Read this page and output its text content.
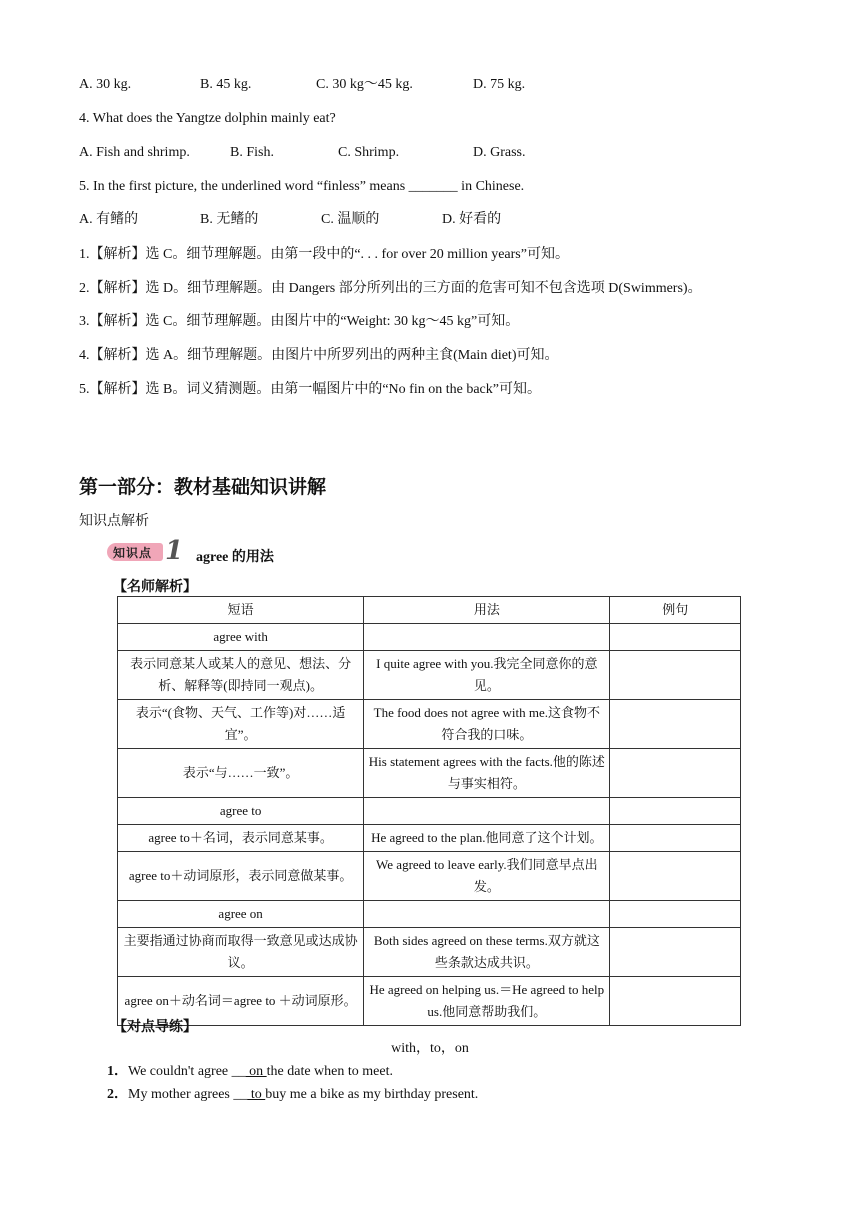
A. 30 kg.	B. 45 kg.	C. 30 kg～45 kg.	D. 75 kg.
4. What does the Yangtze dolphin mainly eat?
A. Fish and shrimp.	B. Fish.	C. Shrimp.	D. Grass.
5. In the first picture, the underlined word “finless” means _______ in Chinese.
A. 有鳍的	B. 无鳍的	C. 温顺的	D. 好看的
1.【解析】选 C。细节理解题。由第一段中的“. . . for over 20 million years”可知。
2.【解析】选 D。细节理解题。由 Dangers 部分所列出的三方面的危害可知不包含选项 D(Swimmers)。
3.【解析】选 C。细节理解题。由图片中的“Weight: 30 kg～45 kg”可知。
4.【解析】选 A。细节理解题。由图片中所罗列出的两种主食(Main diet)可知。
5.【解析】选 B。词义猜测题。由第一幅图片中的“No fin on the back”可知。
第一部分：教材基础知识讲解
知识点解析
知识点 1 agree 的用法
【名师解析】
短语	用法	例句
agree with		
表示同意某人或某人的意见、想法、分析、解释等(即持同一观点)。	I quite agree with you.我完全同意你的意见。	
表示“(食物、天气、工作等)对……适宜”。	The food does not agree with me.这食物不符合我的口味。	
表示“与……一致”。	His statement agrees with the facts.他的陈述与事实相符。	
agree to		
agree to＋名词，表示同意某事。	He agreed to the plan.他同意了这个计划。	
agree to＋动词原形，表示同意做某事。	We agreed to leave early.我们同意早点出发。	
agree on		
主要指通过协商而取得一致意见或达成协议。	Both sides agreed on these terms.双方就这些条款达成共识。	
agree on＋动名词＝agree to ＋动词原形。	He agreed on helping us.＝He agreed to help us.他同意帮助我们。	
【对点导练】
with，to，on
1．We couldn't agree __ on the date when to meet.
2．My mother agrees __ to buy me a bike as my birthday present.
